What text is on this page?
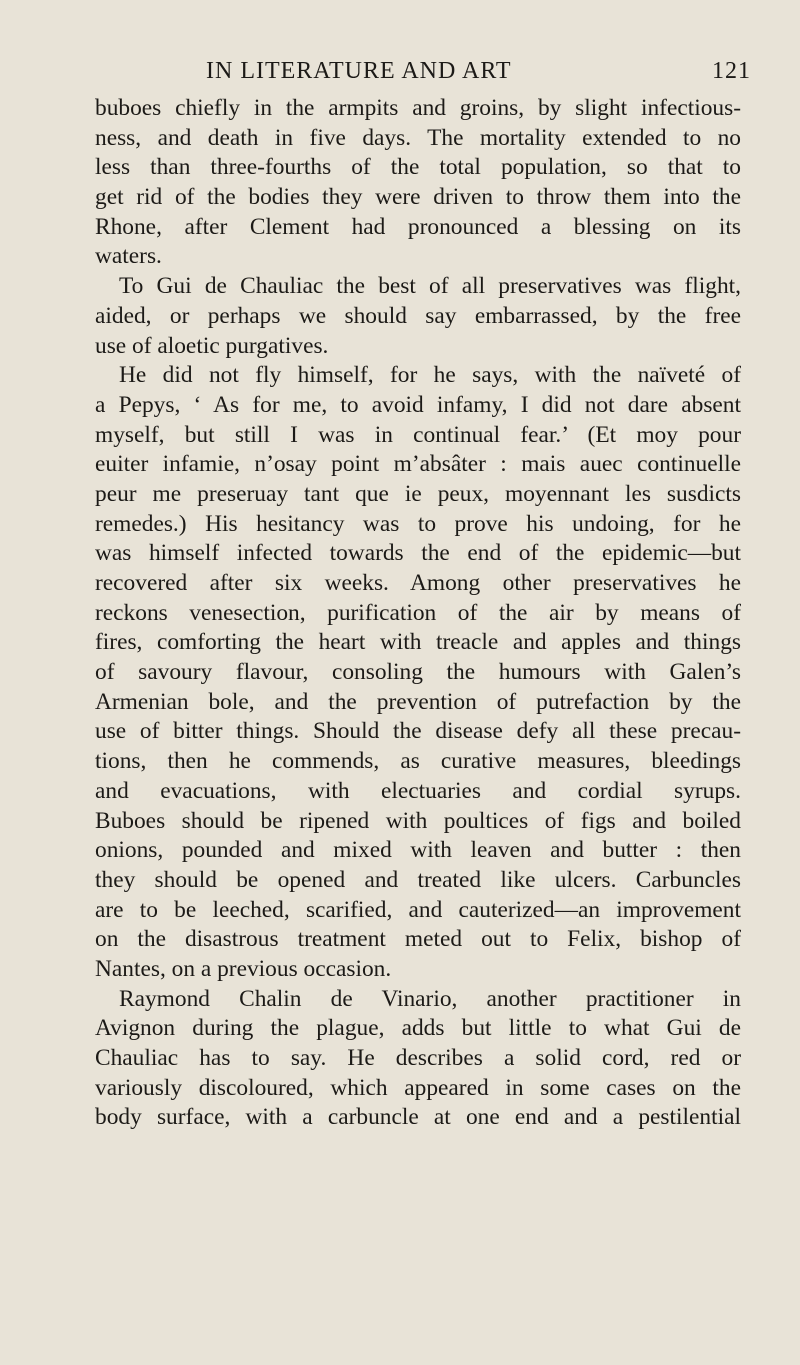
IN LITERATURE AND ART	121
buboes chiefly in the armpits and groins, by slight infectious-
ness, and death in five days. The mortality extended to no
less than three-fourths of the total population, so that to
get rid of the bodies they were driven to throw them into the
Rhone, after Clement had pronounced a blessing on its
waters.
To Gui de Chauliac the best of all preservatives was flight,
aided, or perhaps we should say embarrassed, by the free
use of aloetic purgatives.
He did not fly himself, for he says, with the naïveté of
a Pepys, ‘ As for me, to avoid infamy, I did not dare absent
myself, but still I was in continual fear.’ (Et moy pour
euiter infamie, n’osay point m’absâter : mais auec continuelle
peur me preseruay tant que ie peux, moyennant les susdicts
remedes.) His hesitancy was to prove his undoing, for he
was himself infected towards the end of the epidemic—but
recovered after six weeks. Among other preservatives he
reckons venesection, purification of the air by means of
fires, comforting the heart with treacle and apples and things
of savoury flavour, consoling the humours with Galen’s
Armenian bole, and the prevention of putrefaction by the
use of bitter things. Should the disease defy all these precau-
tions, then he commends, as curative measures, bleedings
and evacuations, with electuaries and cordial syrups.
Buboes should be ripened with poultices of figs and boiled
onions, pounded and mixed with leaven and butter : then
they should be opened and treated like ulcers. Carbuncles
are to be leeched, scarified, and cauterized—an improvement
on the disastrous treatment meted out to Felix, bishop of
Nantes, on a previous occasion.
Raymond Chalin de Vinario, another practitioner in
Avignon during the plague, adds but little to what Gui de
Chauliac has to say. He describes a solid cord, red or
variously discoloured, which appeared in some cases on the
body surface, with a carbuncle at one end and a pestilential
